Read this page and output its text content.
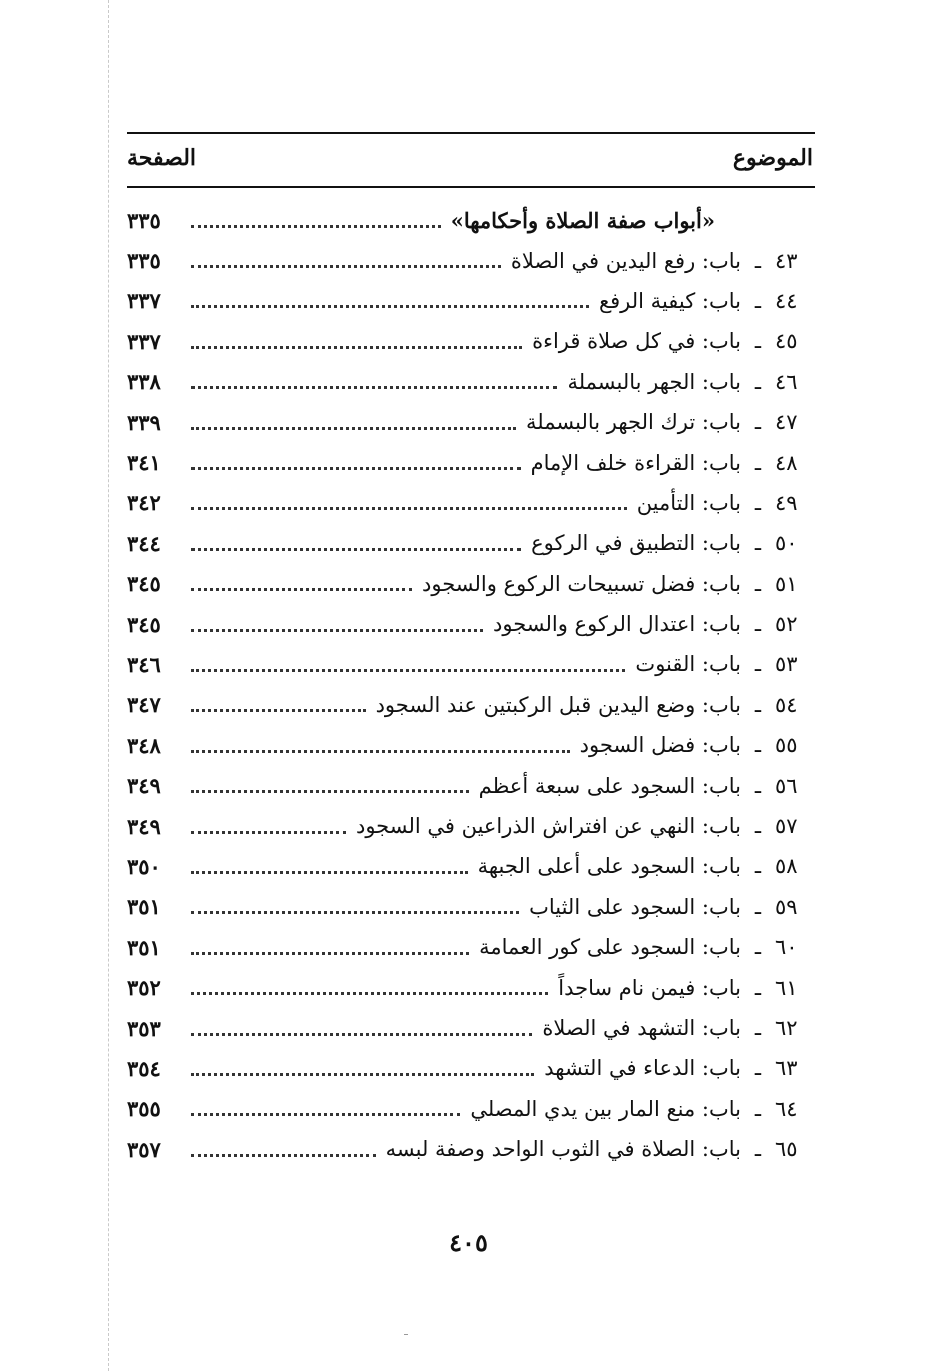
الموضوع
الصفحة
«أبواب صفة الصلاة وأحكامها»
٣٣٥
٤٣
ـ
باب: رفع اليدين في الصلاة
٣٣٥
٤٤
ـ
باب: كيفية الرفع
٣٣٧
٤٥
ـ
باب: في كل صلاة قراءة
٣٣٧
٤٦
ـ
باب: الجهر بالبسملة
٣٣٨
٤٧
ـ
باب: ترك الجهر بالبسملة
٣٣٩
٤٨
ـ
باب: القراءة خلف الإمام
٣٤١
٤٩
ـ
باب: التأمين
٣٤٢
٥٠
ـ
باب: التطبيق في الركوع
٣٤٤
٥١
ـ
باب: فضل تسبيحات الركوع والسجود
٣٤٥
٥٢
ـ
باب: اعتدال الركوع والسجود
٣٤٥
٥٣
ـ
باب: القنوت
٣٤٦
٥٤
ـ
باب: وضع اليدين قبل الركبتين عند السجود
٣٤٧
٥٥
ـ
باب: فضل السجود
٣٤٨
٥٦
ـ
باب: السجود على سبعة أعظم
٣٤٩
٥٧
ـ
باب: النهي عن افتراش الذراعين في السجود
٣٤٩
٥٨
ـ
باب: السجود على أعلى الجبهة
٣٥٠
٥٩
ـ
باب: السجود على الثياب
٣٥١
٦٠
ـ
باب: السجود على كور العمامة
٣٥١
٦١
ـ
باب: فيمن نام ساجداً
٣٥٢
٦٢
ـ
باب: التشهد في الصلاة
٣٥٣
٦٣
ـ
باب: الدعاء في التشهد
٣٥٤
٦٤
ـ
باب: منع المار بين يدي المصلي
٣٥٥
٦٥
ـ
باب: الصلاة في الثوب الواحد وصفة لبسه
٣٥٧
٤٠٥
